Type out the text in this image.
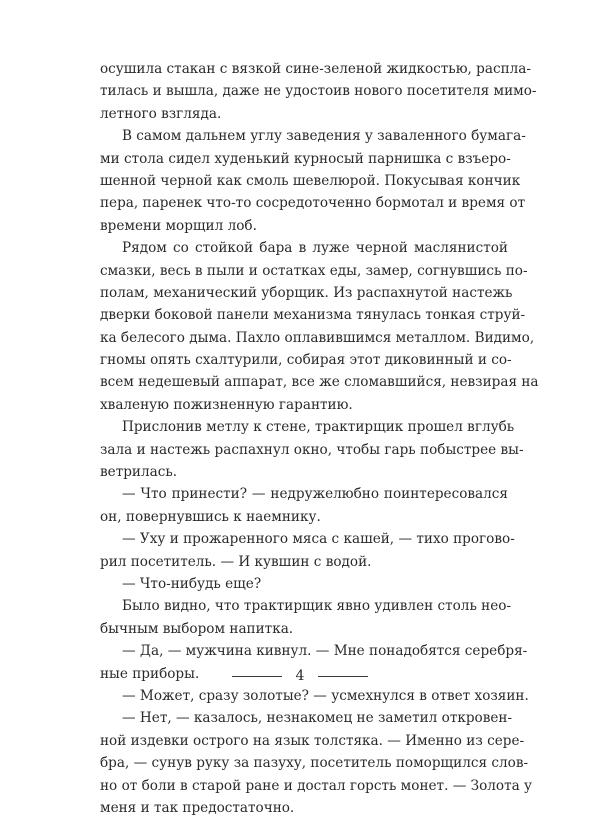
осушила стакан с вязкой сине-зеленой жидкостью, распла-
тилась и вышла, даже не удостоив нового посетителя мимо-
летного взгляда.
В самом дальнем углу заведения у заваленного бумага-
ми стола сидел худенький курносый парнишка с взъеро-
шенной черной как смоль шевелюрой. Покусывая кончик
пера, паренек что-то сосредоточенно бормотал и время от
времени морщил лоб.
Рядом со стойкой бара в луже черной маслянистой
смазки, весь в пыли и остатках еды, замер, согнувшись по-
полам, механический уборщик. Из распахнутой настежь
дверки боковой панели механизма тянулась тонкая струй-
ка белесого дыма. Пахло оплавившимся металлом. Видимо,
гномы опять схалтурили, собирая этот диковинный и со-
всем недешевый аппарат, все же сломавшийся, невзирая на
хваленую пожизненную гарантию.
Прислонив метлу к стене, трактирщик прошел вглубь
зала и настежь распахнул окно, чтобы гарь побыстрее вы-
ветрилась.
— Что принести? — недружелюбно поинтересовался
он, повернувшись к наемнику.
— Уху и прожаренного мяса с кашей, — тихо прогово-
рил посетитель. — И кувшин с водой.
— Что-нибудь еще?
Было видно, что трактирщик явно удивлен столь нео-
бычным выбором напитка.
— Да, — мужчина кивнул. — Мне понадобятся серебря-
ные приборы.
— Может, сразу золотые? — усмехнулся в ответ хозяин.
— Нет, — казалось, незнакомец не заметил откровен-
ной издевки острого на язык толстяка. — Именно из сере-
бра, — сунув руку за пазуху, посетитель поморщился слов-
но от боли в старой ране и достал горсть монет. — Золота у
меня и так предостаточно.
4
